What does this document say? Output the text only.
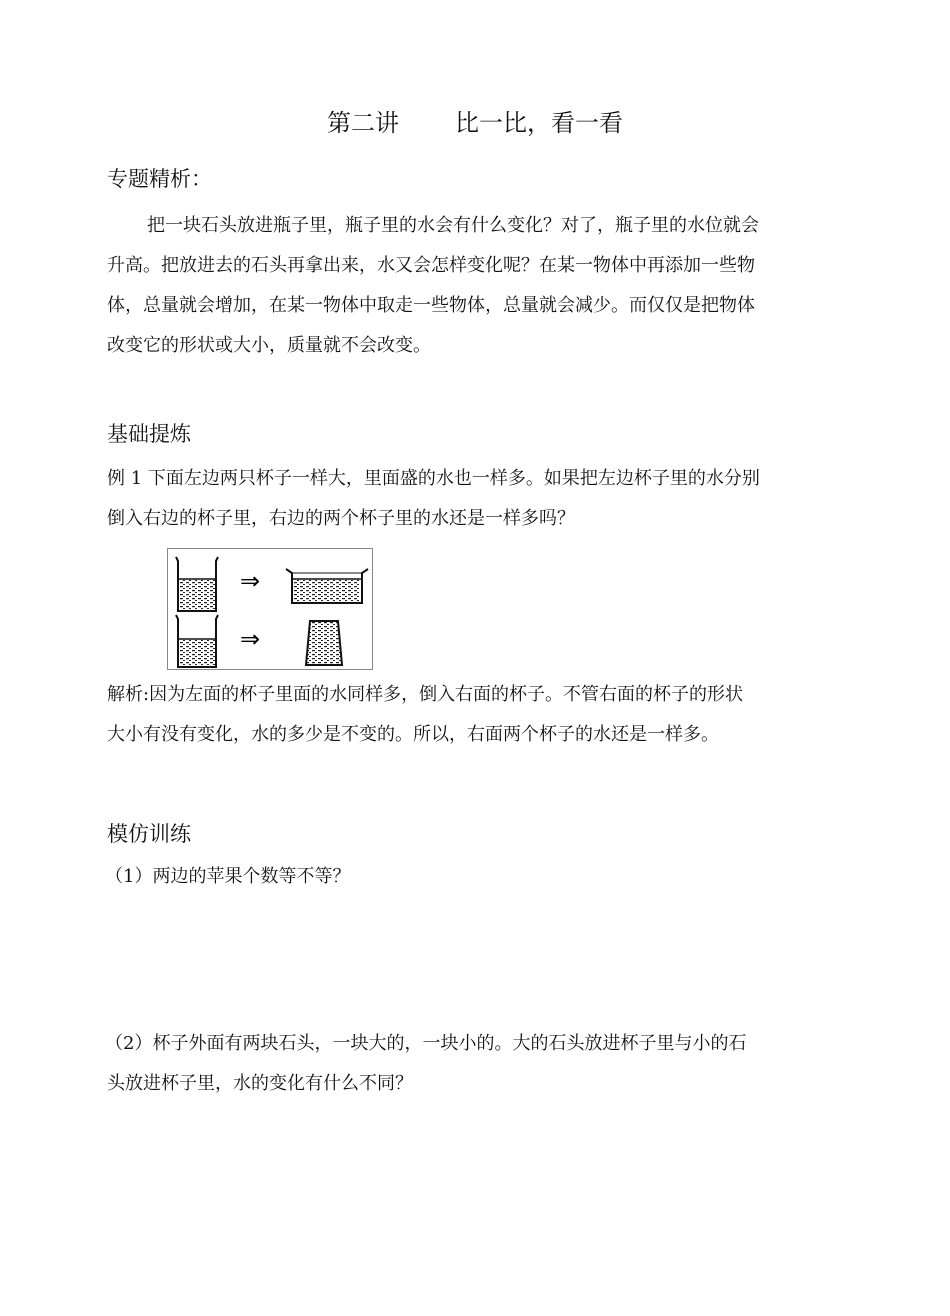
第二讲 比一比，看一看
专题精析：
把一块石头放进瓶子里，瓶子里的水会有什么变化？对了，瓶子里的水位就会
升高。把放进去的石头再拿出来，水又会怎样变化呢？在某一物体中再添加一些物
体，总量就会增加，在某一物体中取走一些物体，总量就会减少。而仅仅是把物体
改变它的形状或大小，质量就不会改变。
基础提炼
例 1 下面左边两只杯子一样大，里面盛的水也一样多。如果把左边杯子里的水分别
倒入右边的杯子里，右边的两个杯子里的水还是一样多吗？
⇒
⇒
解析:因为左面的杯子里面的水同样多，倒入右面的杯子。不管右面的杯子的形状
大小有没有变化，水的多少是不变的。所以，右面两个杯子的水还是一样多。
模仿训练
（1）两边的苹果个数等不等？
（2）杯子外面有两块石头，一块大的，一块小的。大的石头放进杯子里与小的石
头放进杯子里，水的变化有什么不同？
